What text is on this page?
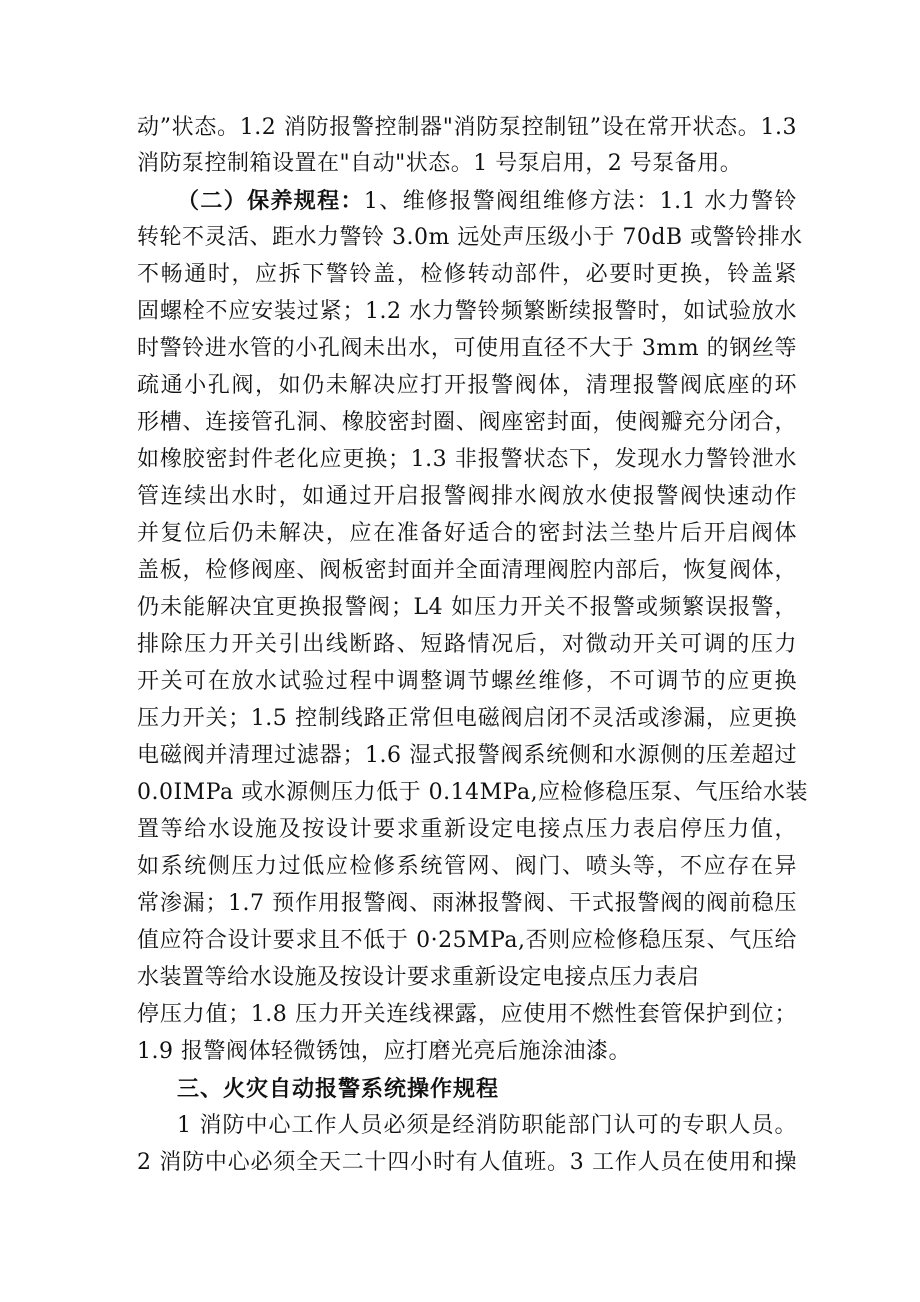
动”状态。1.2 消防报警控制器"消防泵控制钮”设在常开状态。1.3
消防泵控制箱设置在"自动"状态。1 号泵启用，2 号泵备用。
（二）保养规程：1、维修报警阀组维修方法：1.1 水力警铃
转轮不灵活、距水力警铃 3.0m 远处声压级小于 70dB 或警铃排水
不畅通时，应拆下警铃盖，检修转动部件，必要时更换，铃盖紧
固螺栓不应安装过紧；1.2 水力警铃频繁断续报警时，如试验放水
时警铃进水管的小孔阀未出水，可使用直径不大于 3mm 的钢丝等
疏通小孔阀，如仍未解决应打开报警阀体，清理报警阀底座的环
形槽、连接管孔洞、橡胶密封圈、阀座密封面，使阀瓣充分闭合，
如橡胶密封件老化应更换；1.3 非报警状态下，发现水力警铃泄水
管连续出水时，如通过开启报警阀排水阀放水使报警阀快速动作
并复位后仍未解决，应在准备好适合的密封法兰垫片后开启阀体
盖板，检修阀座、阀板密封面并全面清理阀腔内部后，恢复阀体，
仍未能解决宜更换报警阀；L4 如压力开关不报警或频繁误报警，
排除压力开关引出线断路、短路情况后，对微动开关可调的压力
开关可在放水试验过程中调整调节螺丝维修，不可调节的应更换
压力开关；1.5 控制线路正常但电磁阀启闭不灵活或渗漏，应更换
电磁阀并清理过滤器；1.6 湿式报警阀系统侧和水源侧的压差超过
0.0IMPa 或水源侧压力低于 0.14MPa,应检修稳压泵、气压给水装
置等给水设施及按设计要求重新设定电接点压力表启停压力值，
如系统侧压力过低应检修系统管网、阀门、喷头等，不应存在异
常渗漏；1.7 预作用报警阀、雨淋报警阀、干式报警阀的阀前稳压
值应符合设计要求且不低于 0·25MPa,否则应检修稳压泵、气压给
水装置等给水设施及按设计要求重新设定电接点压力表启
停压力值；1.8 压力开关连线裸露，应使用不燃性套管保护到位；
1.9 报警阀体轻微锈蚀，应打磨光亮后施涂油漆。
三、火灾自动报警系统操作规程
1 消防中心工作人员必须是经消防职能部门认可的专职人员。
2 消防中心必须全天二十四小时有人值班。3 工作人员在使用和操
